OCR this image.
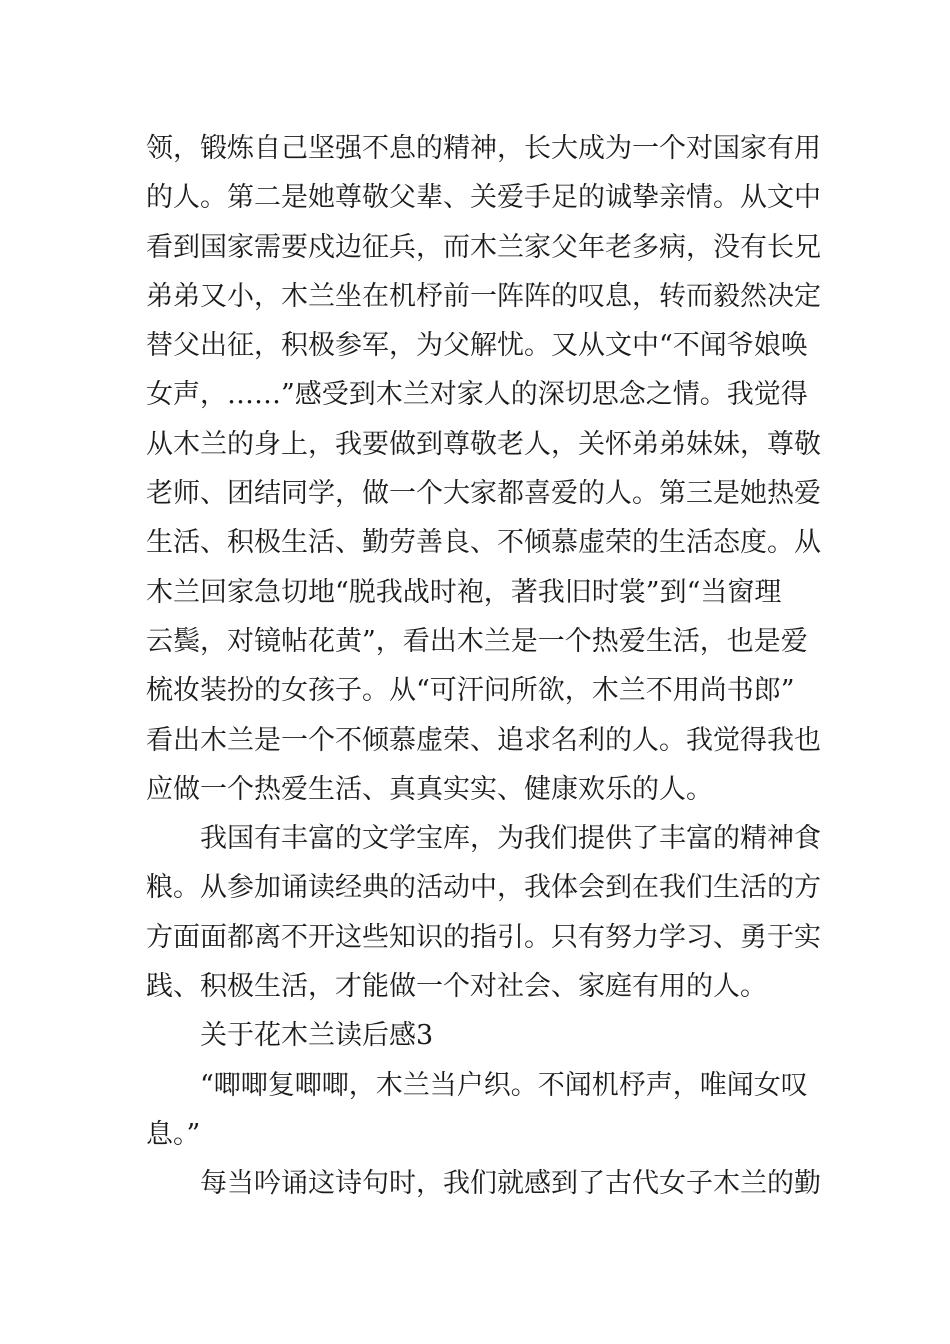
领，锻炼自己坚强不息的精神，长大成为一个对国家有用
的人。第二是她尊敬父辈、关爱手足的诚挚亲情。从文中
看到国家需要戍边征兵，而木兰家父年老多病，没有长兄
弟弟又小，木兰坐在机杼前一阵阵的叹息，转而毅然决定
替父出征，积极参军，为父解忧。又从文中“不闻爷娘唤
女声，……”感受到木兰对家人的深切思念之情。我觉得
从木兰的身上，我要做到尊敬老人，关怀弟弟妹妹，尊敬
老师、团结同学，做一个大家都喜爱的人。第三是她热爱
生活、积极生活、勤劳善良、不倾慕虚荣的生活态度。从
木兰回家急切地“脱我战时袍，著我旧时裳”到“当窗理
云鬓，对镜帖花黄”，看出木兰是一个热爱生活，也是爱
梳妆装扮的女孩子。从“可汗问所欲，木兰不用尚书郎”
看出木兰是一个不倾慕虚荣、追求名利的人。我觉得我也
应做一个热爱生活、真真实实、健康欢乐的人。
我国有丰富的文学宝库，为我们提供了丰富的精神食
粮。从参加诵读经典的活动中，我体会到在我们生活的方
方面面都离不开这些知识的指引。只有努力学习、勇于实
践、积极生活，才能做一个对社会、家庭有用的人。
关于花木兰读后感3
“唧唧复唧唧，木兰当户织。不闻机杼声，唯闻女叹
息。”
每当吟诵这诗句时，我们就感到了古代女子木兰的勤
